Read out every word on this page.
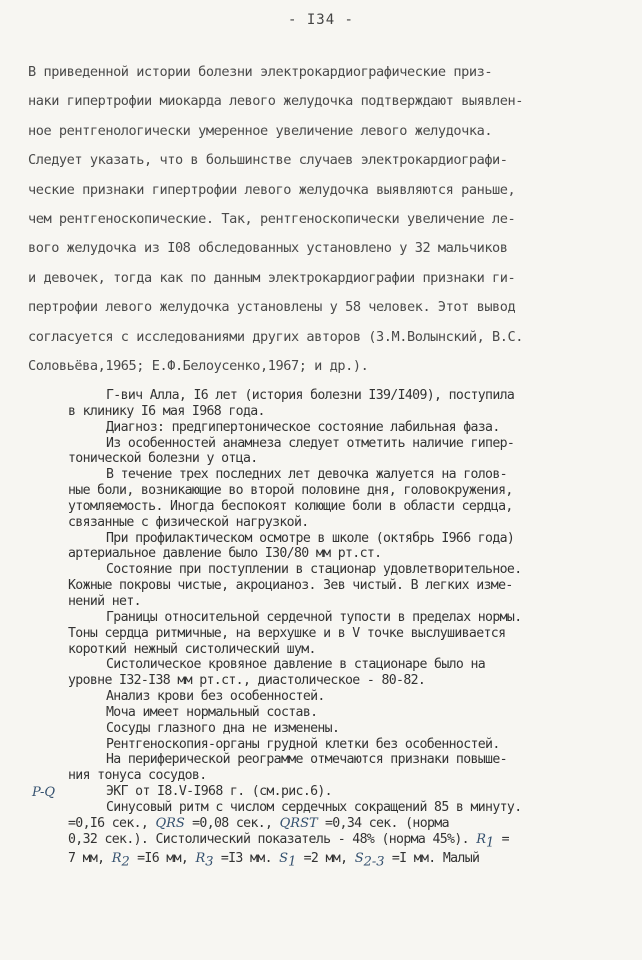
- I34 -
В приведенной истории болезни электрокардиографические приз-
наки гипертрофии миокарда левого желудочка подтверждают выявлен-
ное рентгенологически умеренное увеличение левого желудочка.
Следует указать, что в большинстве случаев электрокардиографи-
ческие признаки гипертрофии левого желудочка выявляются раньше,
чем рентгеноскопические. Так, рентгеноскопически увеличение ле-
вого желудочка из I08 обследованных установлено у 32 мальчиков
и девочек, тогда как по данным электрокардиографии признаки ги-
пертрофии левого желудочка установлены у 58 человек. Этот вывод
согласуется с исследованиями других авторов (З.М.Волынский, В.С.
Соловьёва,1965; Е.Ф.Белоусенко,1967; и др.).
Г-вич Алла, I6 лет (история болезни I39/I409), поступила
в клинику I6 мая I968 года.
Диагноз: предгипертоническое состояние лабильная фаза.
Из особенностей анамнеза следует отметить наличие гипер-
тонической болезни у отца.
В течение трех последних лет девочка жалуется на голов-
ные боли, возникающие во второй половине дня, головокружения,
утомляемость. Иногда беспокоят колющие боли в области сердца,
связанные с физической нагрузкой.
При профилактическом осмотре в школе (октябрь I966 года)
артериальное давление было I30/80 мм рт.ст.
Состояние при поступлении в стационар удовлетворительное.
Кожные покровы чистые, акроцианоз. Зев чистый. В легких изме-
нений нет.
Границы относительной сердечной тупости в пределах нормы.
Тоны сердца ритмичные, на верхушке и в V точке выслушивается
короткий нежный систолический шум.
Систолическое кровяное давление в стационаре было на
уровне I32-I38 мм рт.ст., диастолическое - 80-82.
Анализ крови без особенностей.
Моча имеет нормальный состав.
Сосуды глазного дна не изменены.
Рентгеноскопия-органы грудной клетки без особенностей.
На периферической реограмме отмечаются признаки повыше-
ния тонуса сосудов.
ЭКГ от I8.V-I968 г. (см.рис.6).
Синусовый ритм с числом сердечных сокращений 85 в минуту.
=0,I6 сек., QRS =0,08 сек., QRST =0,34 сек. (норма
0,32 сек.). Систолический показатель - 48% (норма 45%). $R_1$ =
7 мм, $R_2 =I6$ мм, $R_3 =I3$ мм. $S_1 =2$ мм, $S_{2-3} =I$ мм. Малый
P-Q
